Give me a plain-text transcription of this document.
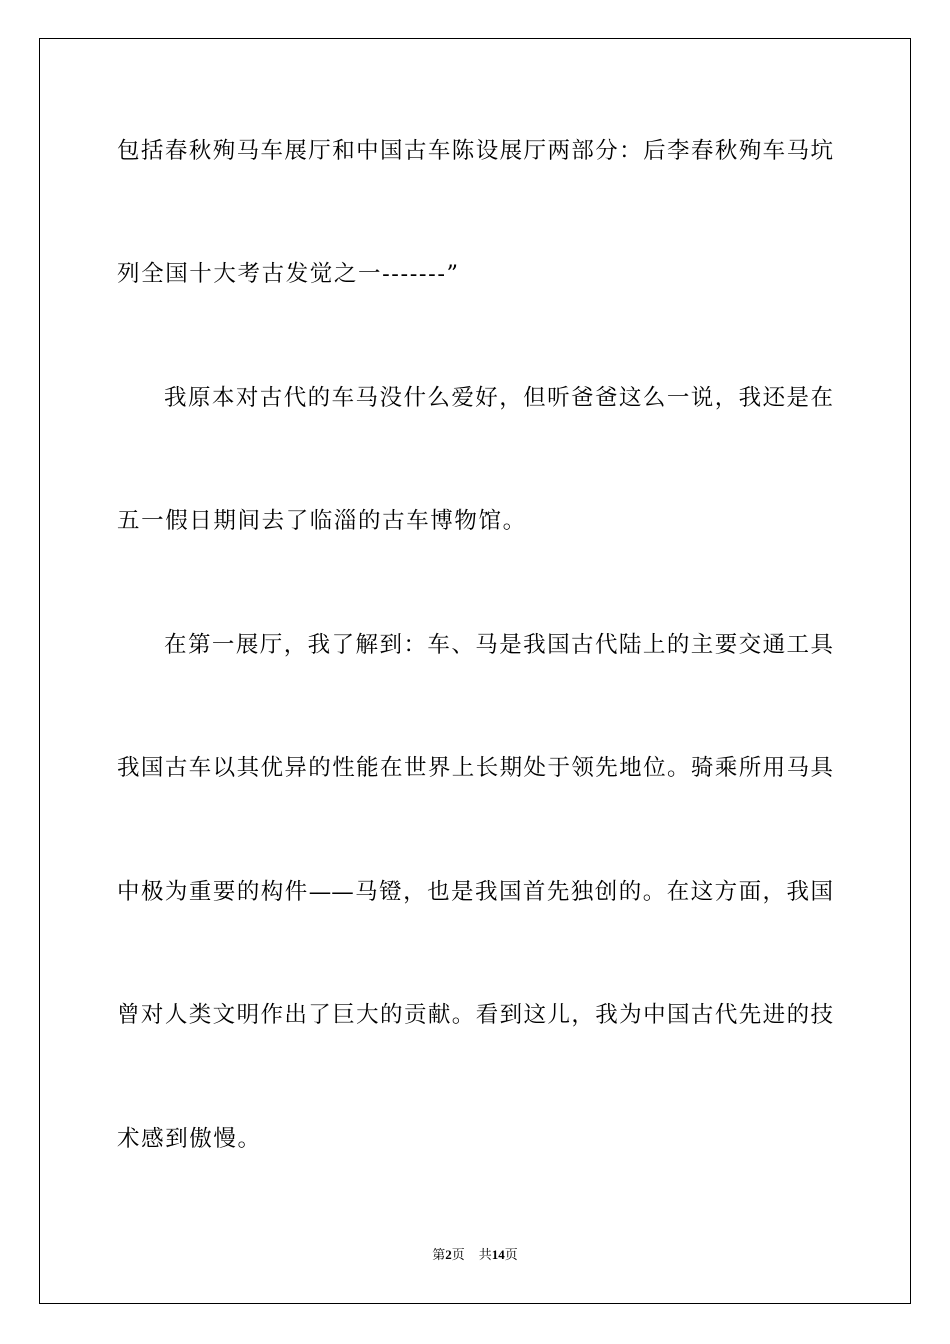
包括春秋殉马车展厅和中国古车陈设展厅两部分：后李春秋殉车马坑
列全国十大考古发觉之一-------”
我原本对古代的车马没什么爱好，但听爸爸这么一说，我还是在
五一假日期间去了临淄的古车博物馆。
在第一展厅，我了解到：车、马是我国古代陆上的主要交通工具
我国古车以其优异的性能在世界上长期处于领先地位。骑乘所用马具
中极为重要的构件——马镫，也是我国首先独创的。在这方面，我国
曾对人类文明作出了巨大的贡献。看到这儿，我为中国古代先进的技
术感到傲慢。
第2页 共14页
